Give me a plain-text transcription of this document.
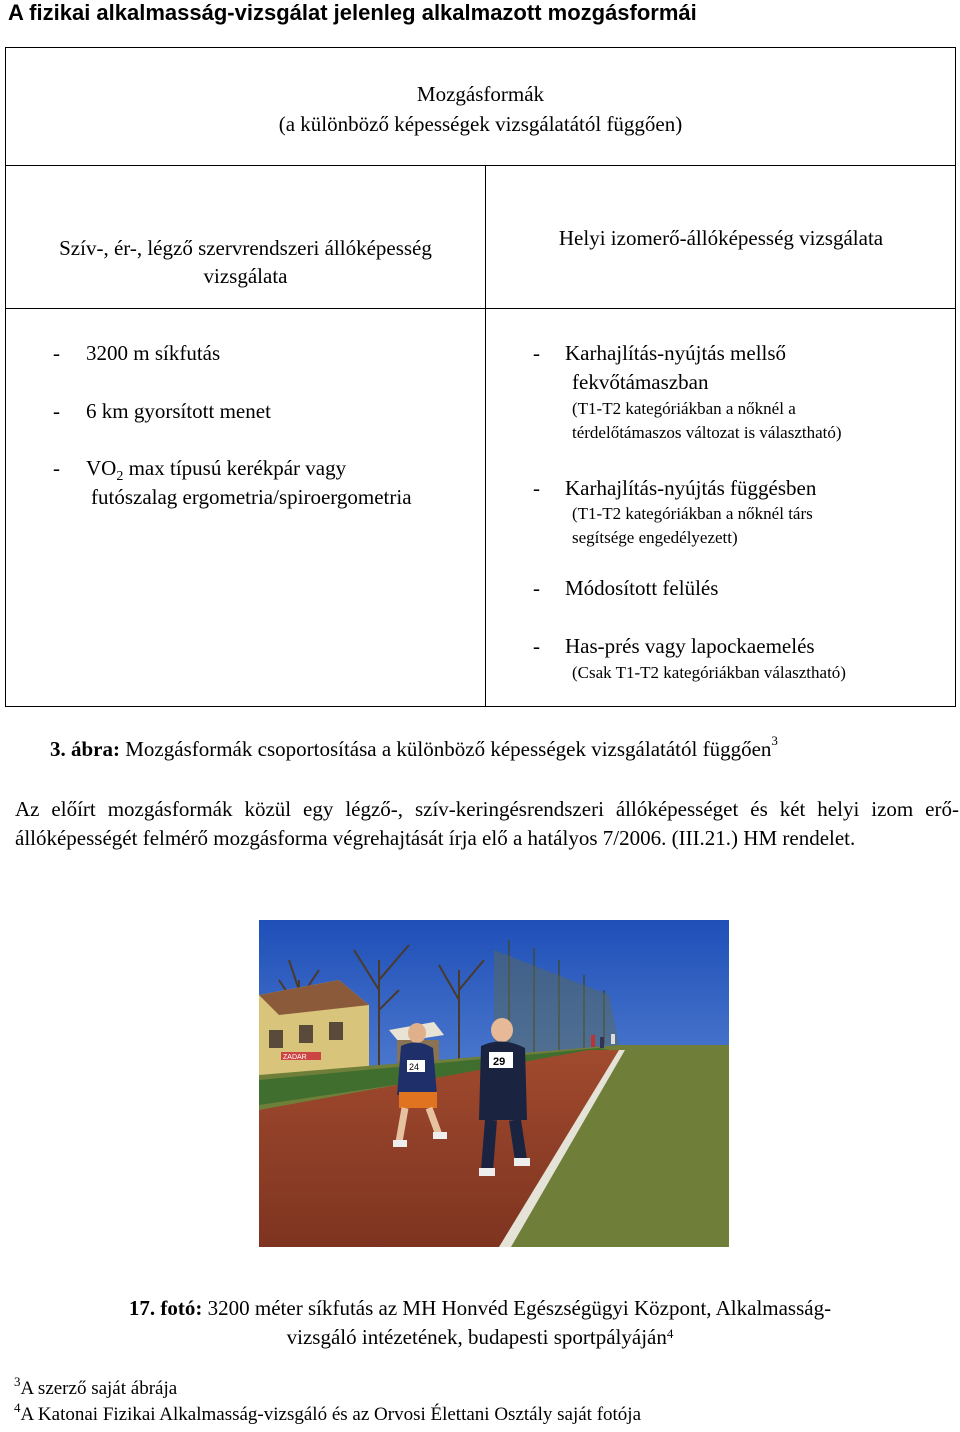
A fizikai alkalmasság-vizsgálat jelenleg alkalmazott mozgásformái
Mozgásformák
(a különböző képességek vizsgálatától függően)
Szív-, ér-, légző szervrendszeri állóképesség
vizsgálata
Helyi izomerő-állóképesség vizsgálata
- 3200 m síkfutás
- 6 km gyorsított menet
- $VO_2$ max típusú kerékpár vagy
futószalag ergometria/spiroergometria
- Karhajlítás-nyújtás mellső
fekvőtámaszban
(T1-T2 kategóriákban a nőknél a
térdelőtámaszos változat is választható)
- Karhajlítás-nyújtás függésben
(T1-T2 kategóriákban a nőknél társ
segítsége engedélyezett)
- Módosított felülés
- Has-prés vagy lapockaemelés
(Csak T1-T2 kategóriákban választható)
3. ábra: Mozgásformák csoportosítása a különböző képességek vizsgálatától függően$^3$
Az előírt mozgásformák közül egy légző-, szív-keringésrendszeri állóképességet és két helyi izom erő-állóképességét felmérő mozgásforma végrehajtását írja elő a hatályos 7/2006. (III.21.) HM rendelet.
ZADAR
24	29
17. fotó: 3200 méter síkfutás az MH Honvéd Egészségügyi Központ, Alkalmasság-
vizsgáló intézetének, budapesti sportpályáján$^4$
$^3$A szerző saját ábrája
$^4$A Katonai Fizikai Alkalmasság-vizsgáló és az Orvosi Élettani Osztály saját fotója
